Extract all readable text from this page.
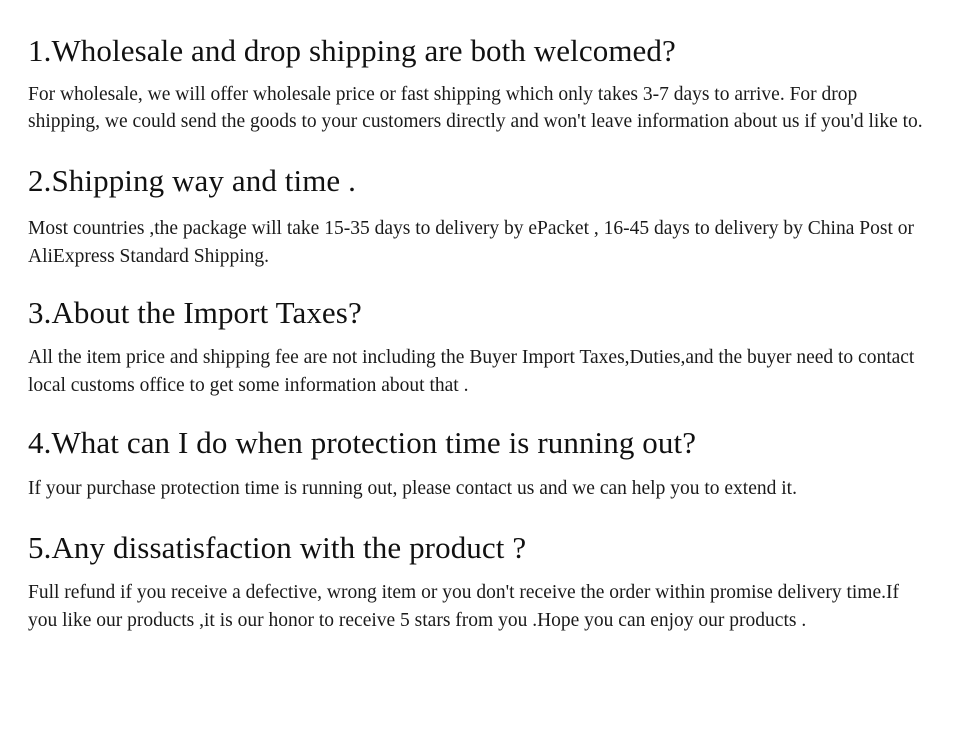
1.Wholesale and drop shipping are both welcomed?

For wholesale, we will offer wholesale price or fast shipping which only takes 3-7 days to arrive. For drop shipping, we could send the goods to your customers directly and won't leave information about us if you'd like to.

2.Shipping way and time .

Most countries ,the package will take 15-35 days to delivery by ePacket , 16-45 days to delivery by China Post or AliExpress Standard Shipping.

3.About the Import Taxes?

All the item price and shipping fee are not including the Buyer Import Taxes,Duties,and the buyer need to contact local customs office to get some information about that .

4.What can I do when protection time is running out?

If your purchase protection time is running out, please contact us and we can help you to extend it.

5.Any dissatisfaction with the product ?

Full refund if you receive a defective, wrong item or you don't receive the order within promise delivery time.If you like our products ,it is our honor to receive 5 stars from you .Hope you can enjoy our products .
